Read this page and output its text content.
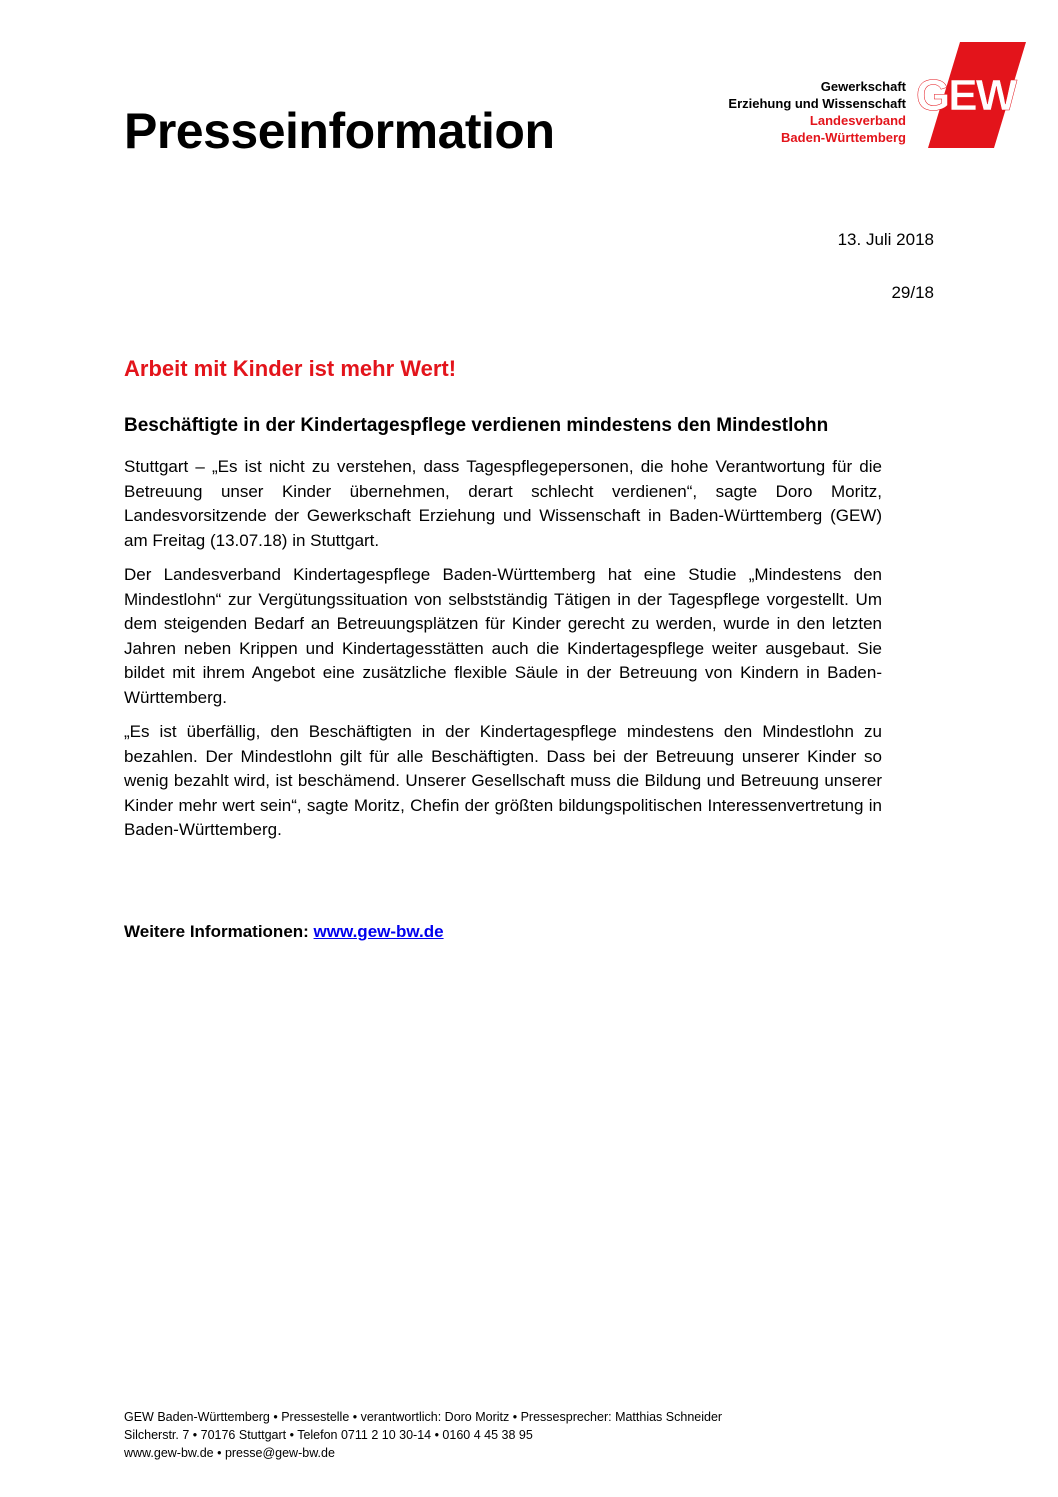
Presseinformation
Gewerkschaft
Erziehung und Wissenschaft
Landesverband
Baden-Württemberg
GEW
13. Juli 2018
29/18
Arbeit mit Kinder ist mehr Wert!
Beschäftigte in der Kindertagespflege verdienen mindestens den Mindestlohn

Stuttgart – „Es ist nicht zu verstehen, dass Tagespflegepersonen, die hohe Verantwortung für die Betreuung unser Kinder übernehmen, derart schlecht verdienen“, sagte Doro Moritz, Landesvorsitzende der Gewerkschaft Erziehung und Wissenschaft in Baden-Württemberg (GEW) am Freitag (13.07.18) in Stuttgart.

Der Landesverband Kindertagespflege Baden-Württemberg hat eine Studie „Mindestens den Mindestlohn“ zur Vergütungssituation von selbstständig Tätigen in der Tagespflege vorgestellt. Um dem steigenden Bedarf an Betreuungsplätzen für Kinder gerecht zu werden, wurde in den letzten Jahren neben Krippen und Kindertagesstätten auch die Kindertagespflege weiter ausgebaut. Sie bildet mit ihrem Angebot eine zusätzliche flexible Säule in der Betreuung von Kindern in Baden-Württemberg.

„Es ist überfällig, den Beschäftigten in der Kindertagespflege mindestens den Mindestlohn zu bezahlen. Der Mindestlohn gilt für alle Beschäftigten. Dass bei der Betreuung unserer Kinder so wenig bezahlt wird, ist beschämend. Unserer Gesellschaft muss die Bildung und Betreuung unserer Kinder mehr wert sein“, sagte Moritz, Chefin der größten bildungspolitischen Interessenvertretung in Baden-Württemberg.

Weitere Informationen: www.gew-bw.de
GEW Baden-Württemberg • Pressestelle • verantwortlich: Doro Moritz • Pressesprecher: Matthias Schneider
Silcherstr. 7 • 70176 Stuttgart • Telefon 0711 2 10 30-14 • 0160 4 45 38 95
www.gew-bw.de • presse@gew-bw.de
